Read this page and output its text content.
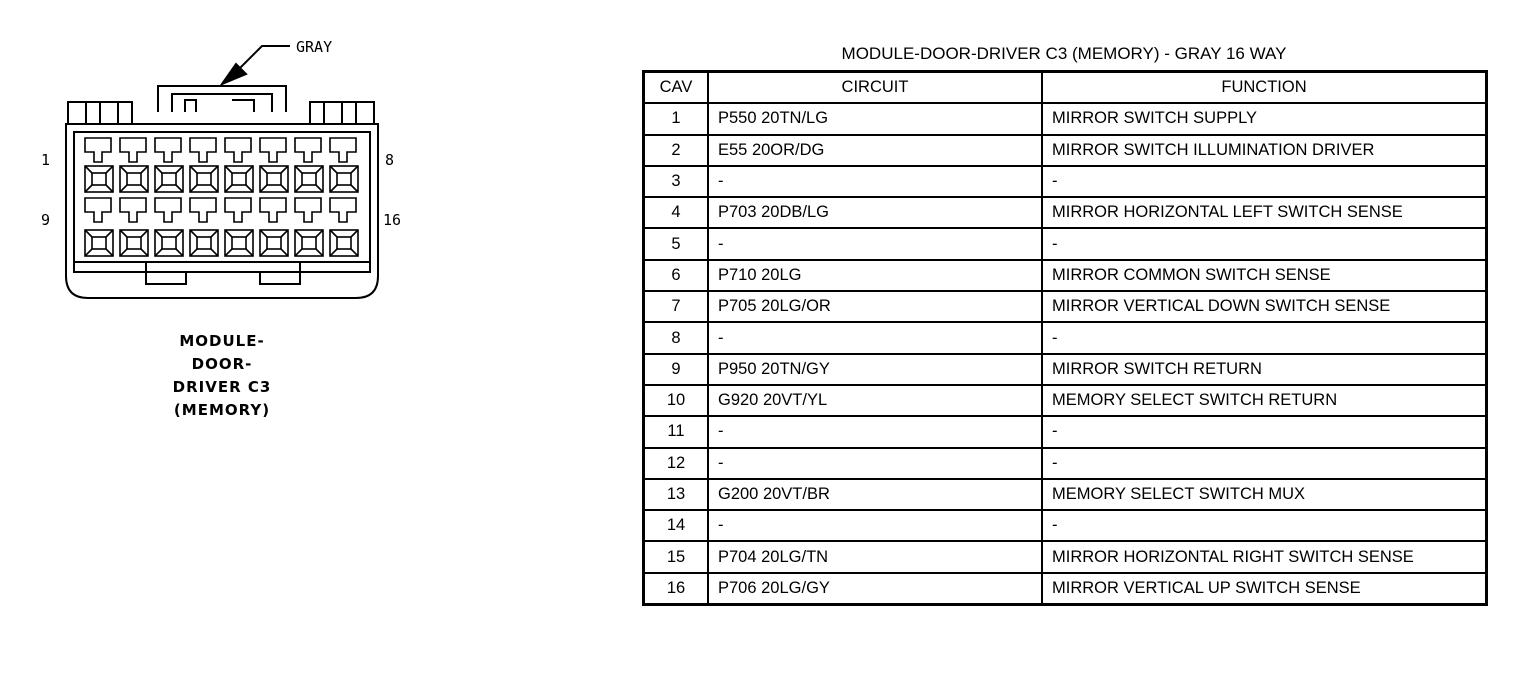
GRAY
1	8
9	16
MODULE-
DOOR-
DRIVER C3
(MEMORY)
MODULE-DOOR-DRIVER C3 (MEMORY) - GRAY 16 WAY
CAV	CIRCUIT	FUNCTION
1	P550 20TN/LG	MIRROR SWITCH SUPPLY
2	E55 20OR/DG	MIRROR SWITCH ILLUMINATION DRIVER
3	-	-
4	P703 20DB/LG	MIRROR HORIZONTAL LEFT SWITCH SENSE
5	-	-
6	P710 20LG	MIRROR COMMON SWITCH SENSE
7	P705 20LG/OR	MIRROR VERTICAL DOWN SWITCH SENSE
8	-	-
9	P950 20TN/GY	MIRROR SWITCH RETURN
10	G920 20VT/YL	MEMORY SELECT SWITCH RETURN
11	-	-
12	-	-
13	G200 20VT/BR	MEMORY SELECT SWITCH MUX
14	-	-
15	P704 20LG/TN	MIRROR HORIZONTAL RIGHT SWITCH SENSE
16	P706 20LG/GY	MIRROR VERTICAL UP SWITCH SENSE
